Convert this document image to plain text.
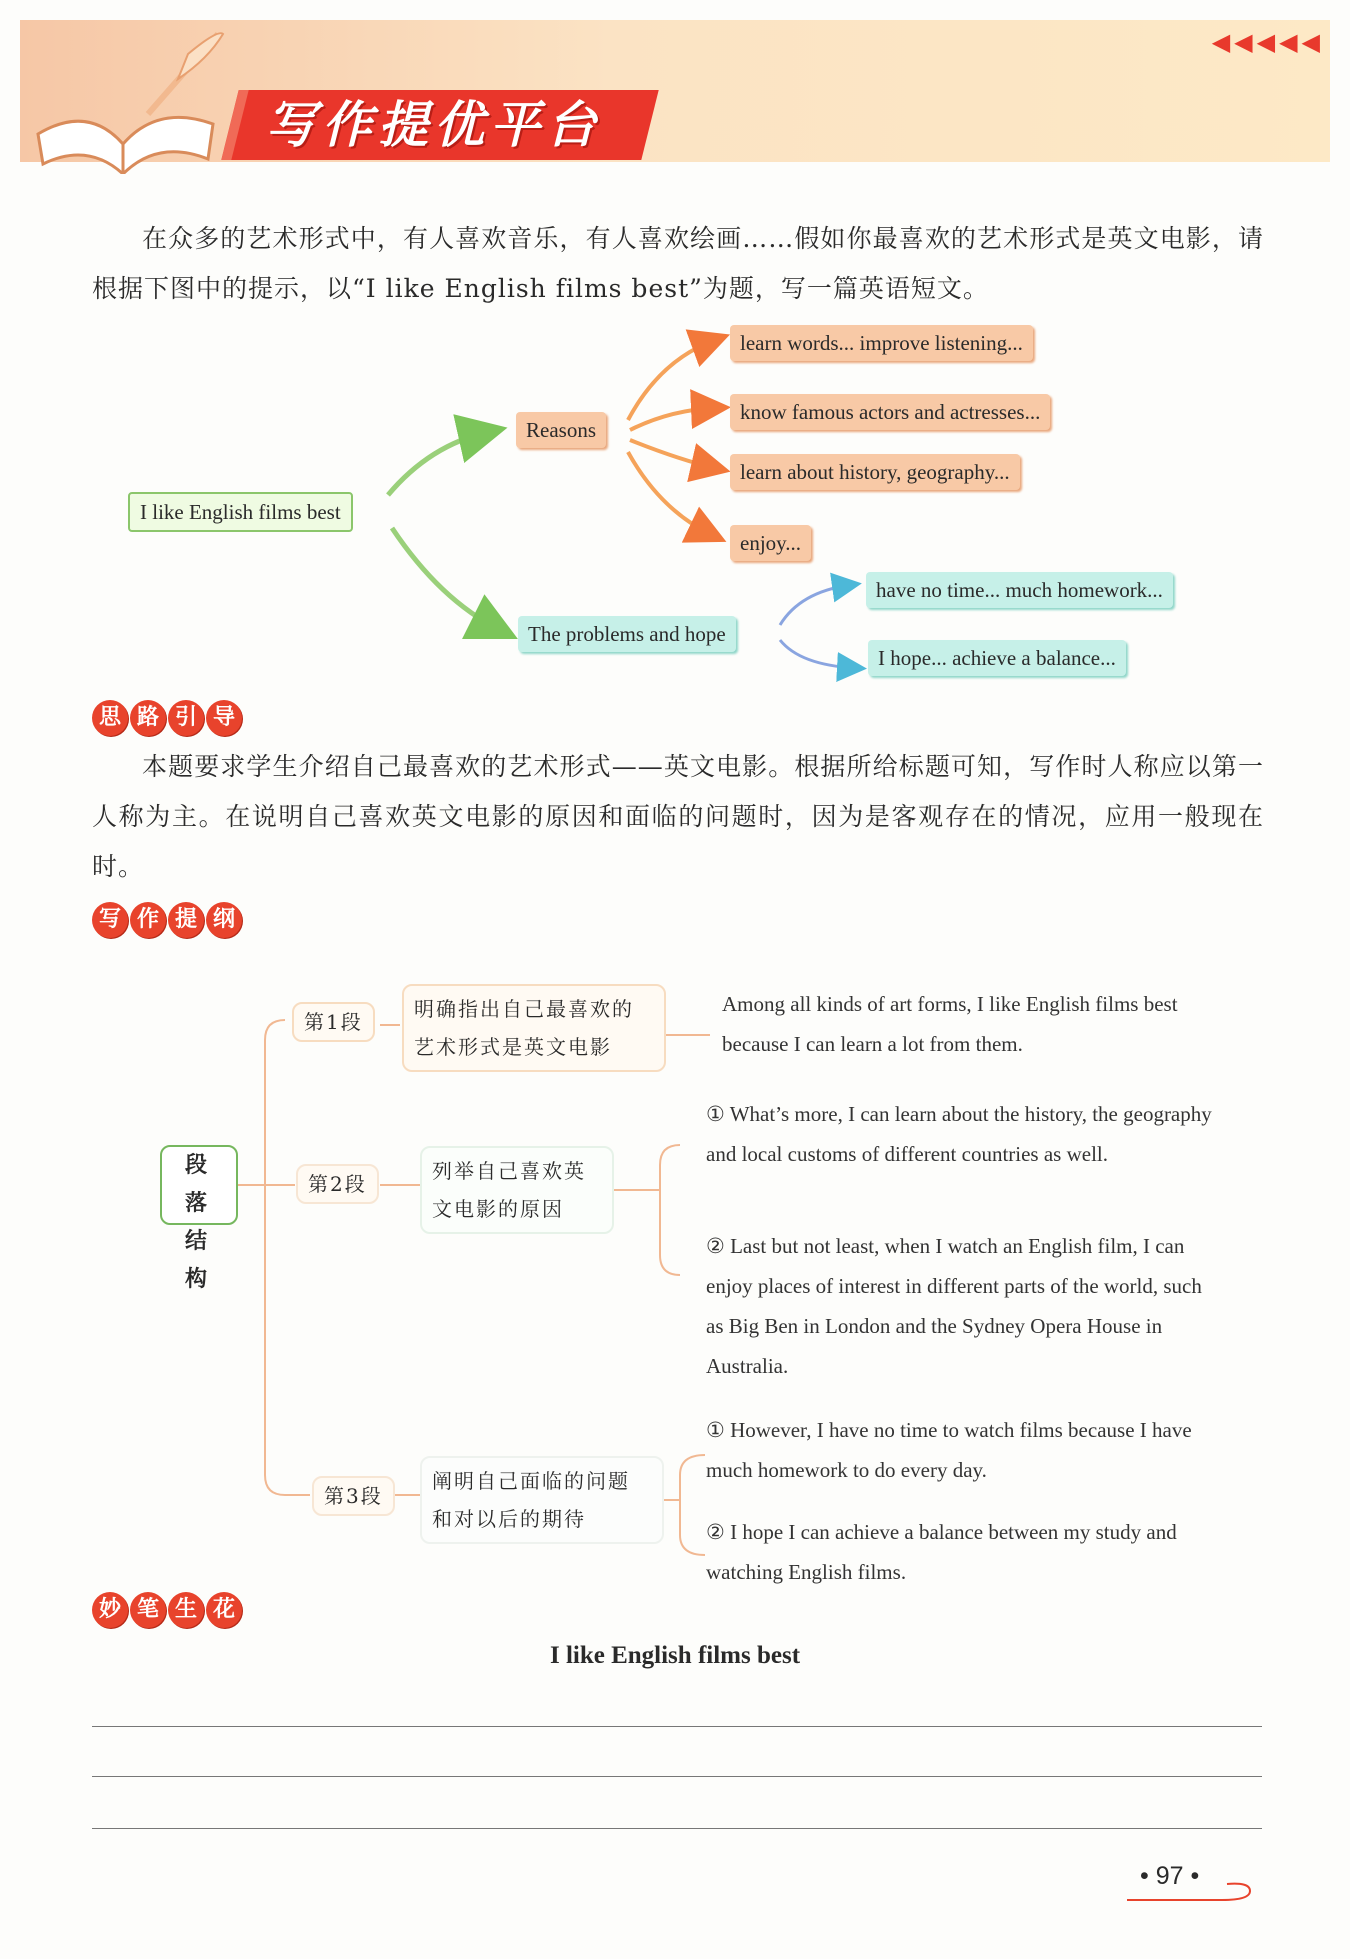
写作提优平台
◀◀◀◀◀
在众多的艺术形式中，有人喜欢音乐，有人喜欢绘画……假如你最喜欢的艺术形式是英文电影，请根据下图中的提示，以“I like English films best”为题，写一篇英语短文。
I like English films best
Reasons
learn words... improve listening...
know famous actors and actresses...
learn about history, geography...
enjoy...
The problems and hope
have no time... much homework...
I hope... achieve a balance...
思 路 引 导
本题要求学生介绍自己最喜欢的艺术形式——英文电影。根据所给标题可知，写作时人称应以第一人称为主。在说明自己喜欢英文电影的原因和面临的问题时，因为是客观存在的情况，应用一般现在时。
写 作 提 纲
段 落
结 构
第1段
明确指出自己最喜欢的
艺术形式是英文电影
Among all kinds of art forms, I like English films best because I can learn a lot from them.
第2段
列举自己喜欢英
文电影的原因
① What’s more, I can learn about the history, the geography and local customs of different countries as well.
② Last but not least, when I watch an English film, I can enjoy places of interest in different parts of the world, such as Big Ben in London and the Sydney Opera House in Australia.
第3段
阐明自己面临的问题
和对以后的期待
① However, I have no time to watch films because I have much homework to do every day.
② I hope I can achieve a balance between my study and watching English films.
妙 笔 生 花
I like English films best
• 97 •
